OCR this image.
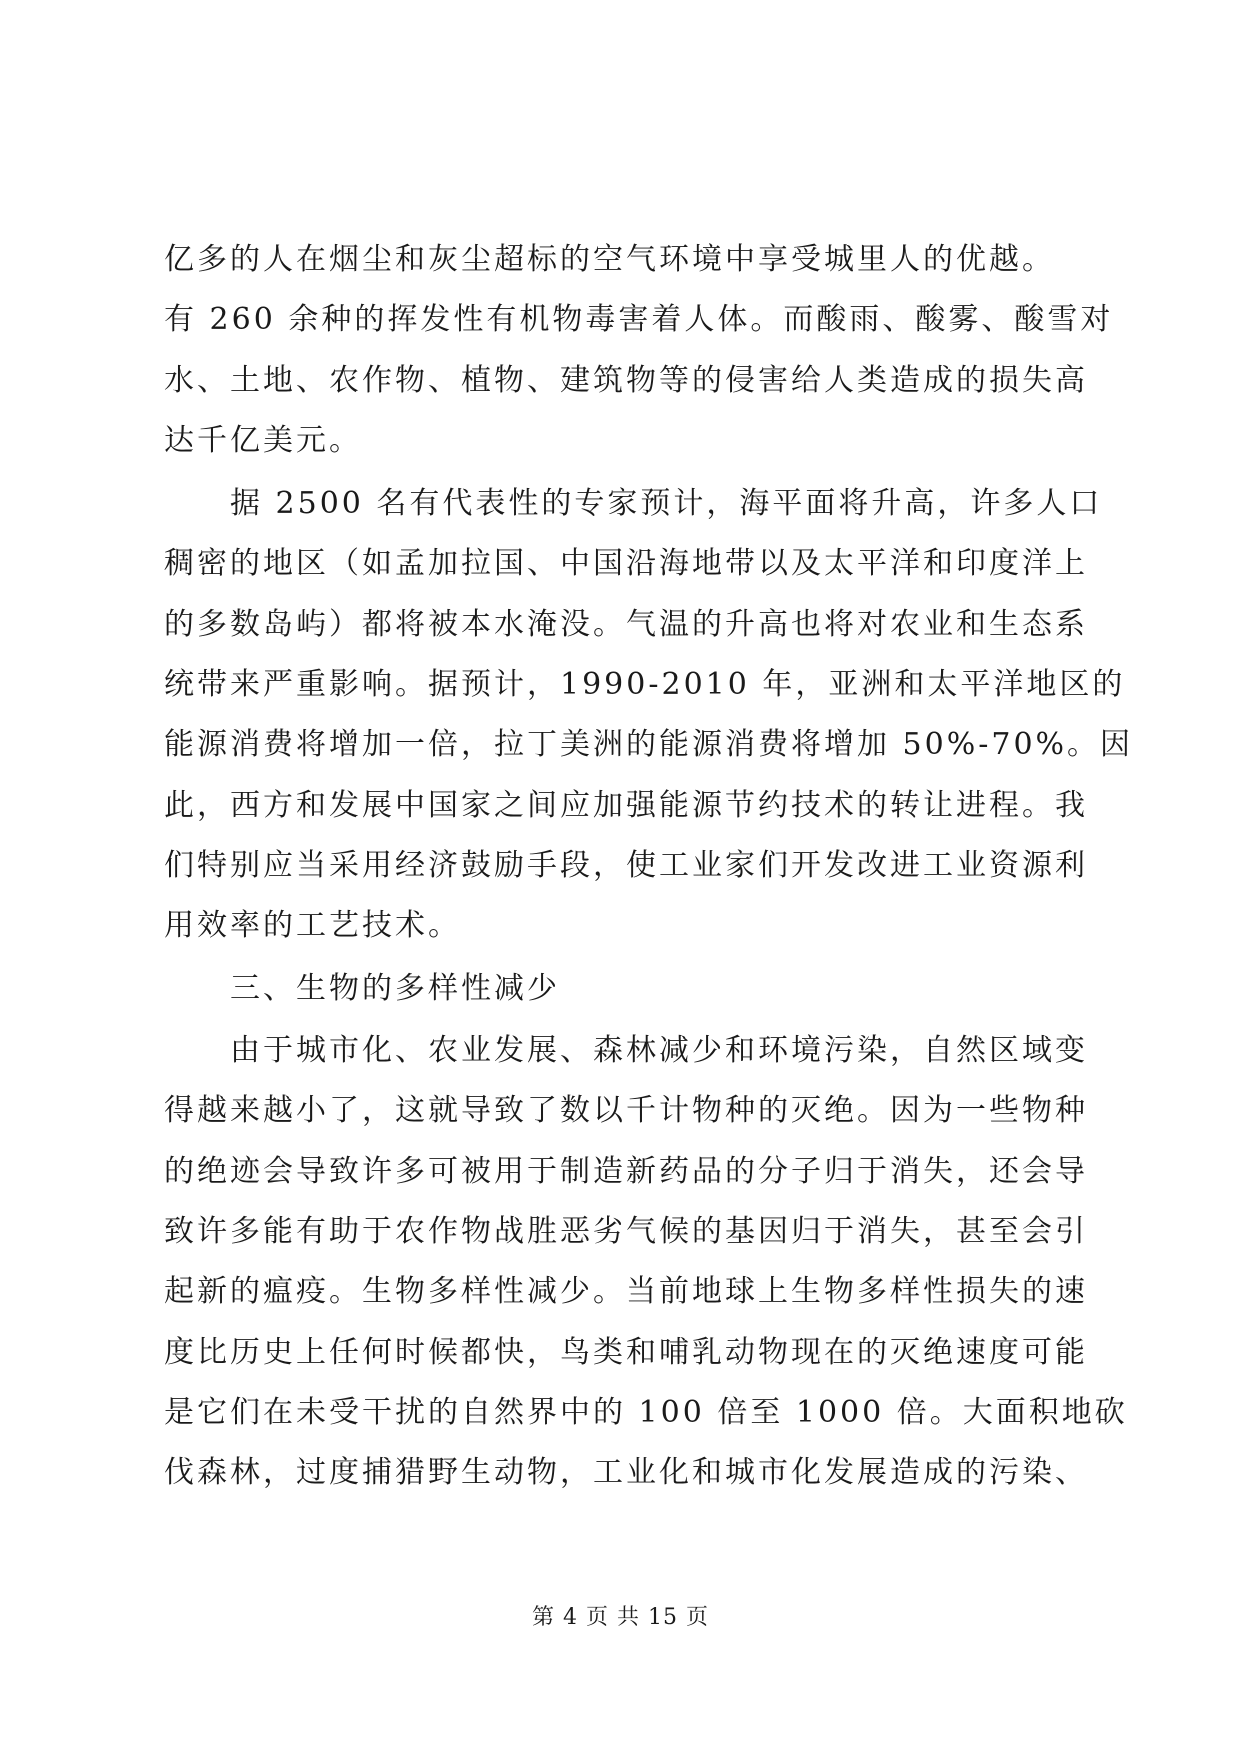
亿多的人在烟尘和灰尘超标的空气环境中享受城里人的优越。
有 260 余种的挥发性有机物毒害着人体。而酸雨、酸雾、酸雪对
水、土地、农作物、植物、建筑物等的侵害给人类造成的损失高
达千亿美元。
据 2500 名有代表性的专家预计，海平面将升高，许多人口
稠密的地区（如孟加拉国、中国沿海地带以及太平洋和印度洋上
的多数岛屿）都将被本水淹没。气温的升高也将对农业和生态系
统带来严重影响。据预计，1990-2010 年，亚洲和太平洋地区的
能源消费将增加一倍，拉丁美洲的能源消费将增加 50%-70%。因
此，西方和发展中国家之间应加强能源节约技术的转让进程。我
们特别应当采用经济鼓励手段，使工业家们开发改进工业资源利
用效率的工艺技术。
三、生物的多样性减少
由于城市化、农业发展、森林减少和环境污染，自然区域变
得越来越小了，这就导致了数以千计物种的灭绝。因为一些物种
的绝迹会导致许多可被用于制造新药品的分子归于消失，还会导
致许多能有助于农作物战胜恶劣气候的基因归于消失，甚至会引
起新的瘟疫。生物多样性减少。当前地球上生物多样性损失的速
度比历史上任何时候都快，鸟类和哺乳动物现在的灭绝速度可能
是它们在未受干扰的自然界中的 100 倍至 1000 倍。大面积地砍
伐森林，过度捕猎野生动物，工业化和城市化发展造成的污染、
第 4 页 共 15 页
